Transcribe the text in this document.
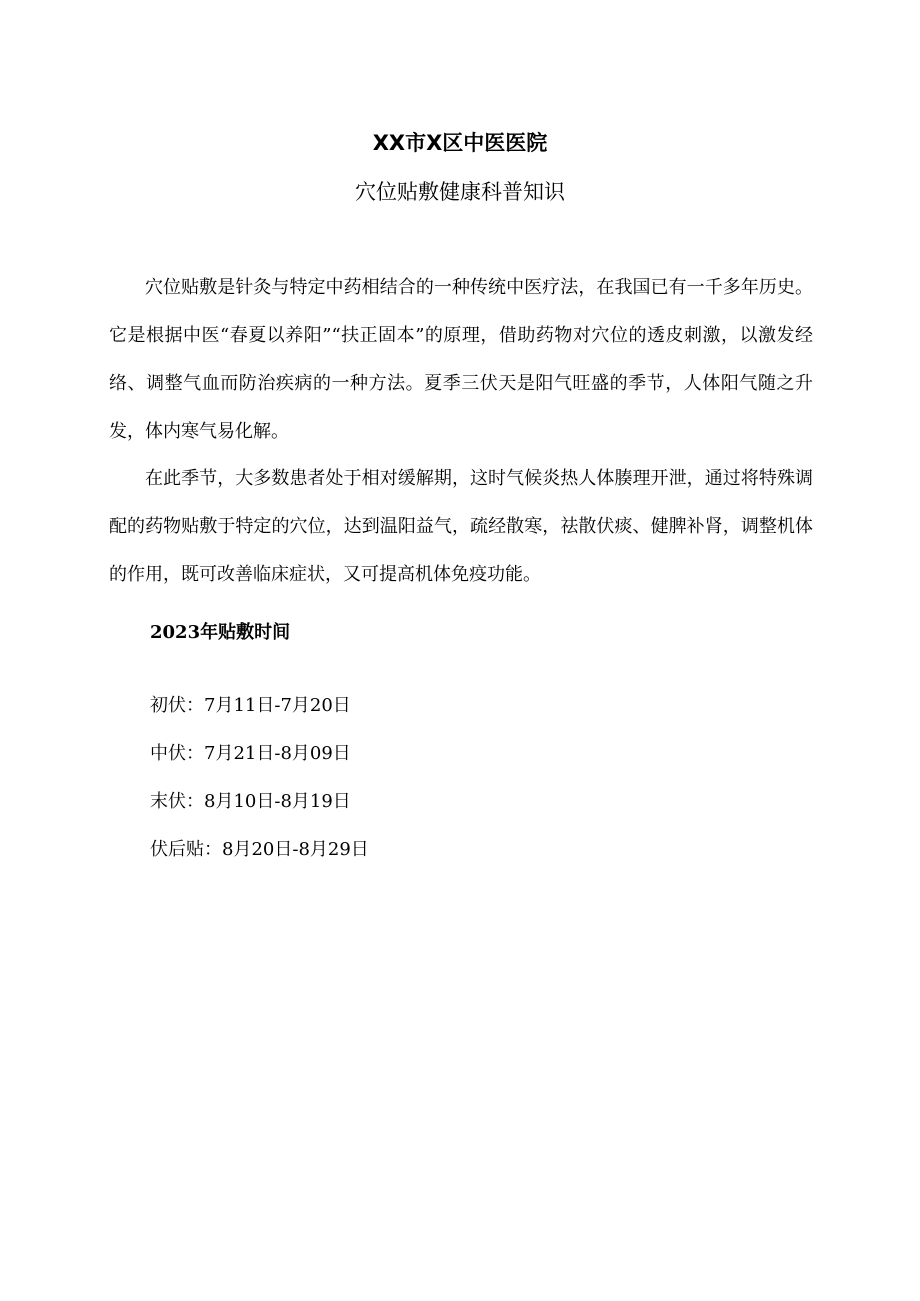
XX市X区中医医院
穴位贴敷健康科普知识

穴位贴敷是针灸与特定中药相结合的一种传统中医疗法，在我国已有一千多年历史。它是根据中医“春夏以养阳”“扶正固本”的原理，借助药物对穴位的透皮刺激，以激发经络、调整气血而防治疾病的一种方法。夏季三伏天是阳气旺盛的季节，人体阳气随之升发，体内寒气易化解。

在此季节，大多数患者处于相对缓解期，这时气候炎热人体腠理开泄，通过将特殊调配的药物贴敷于特定的穴位，达到温阳益气，疏经散寒，祛散伏痰、健脾补肾，调整机体的作用，既可改善临床症状，又可提高机体免疫功能。

2023年贴敷时间
初伏：7月11日-7月20日
中伏：7月21日-8月09日
末伏：8月10日-8月19日
伏后贴：8月20日-8月29日
